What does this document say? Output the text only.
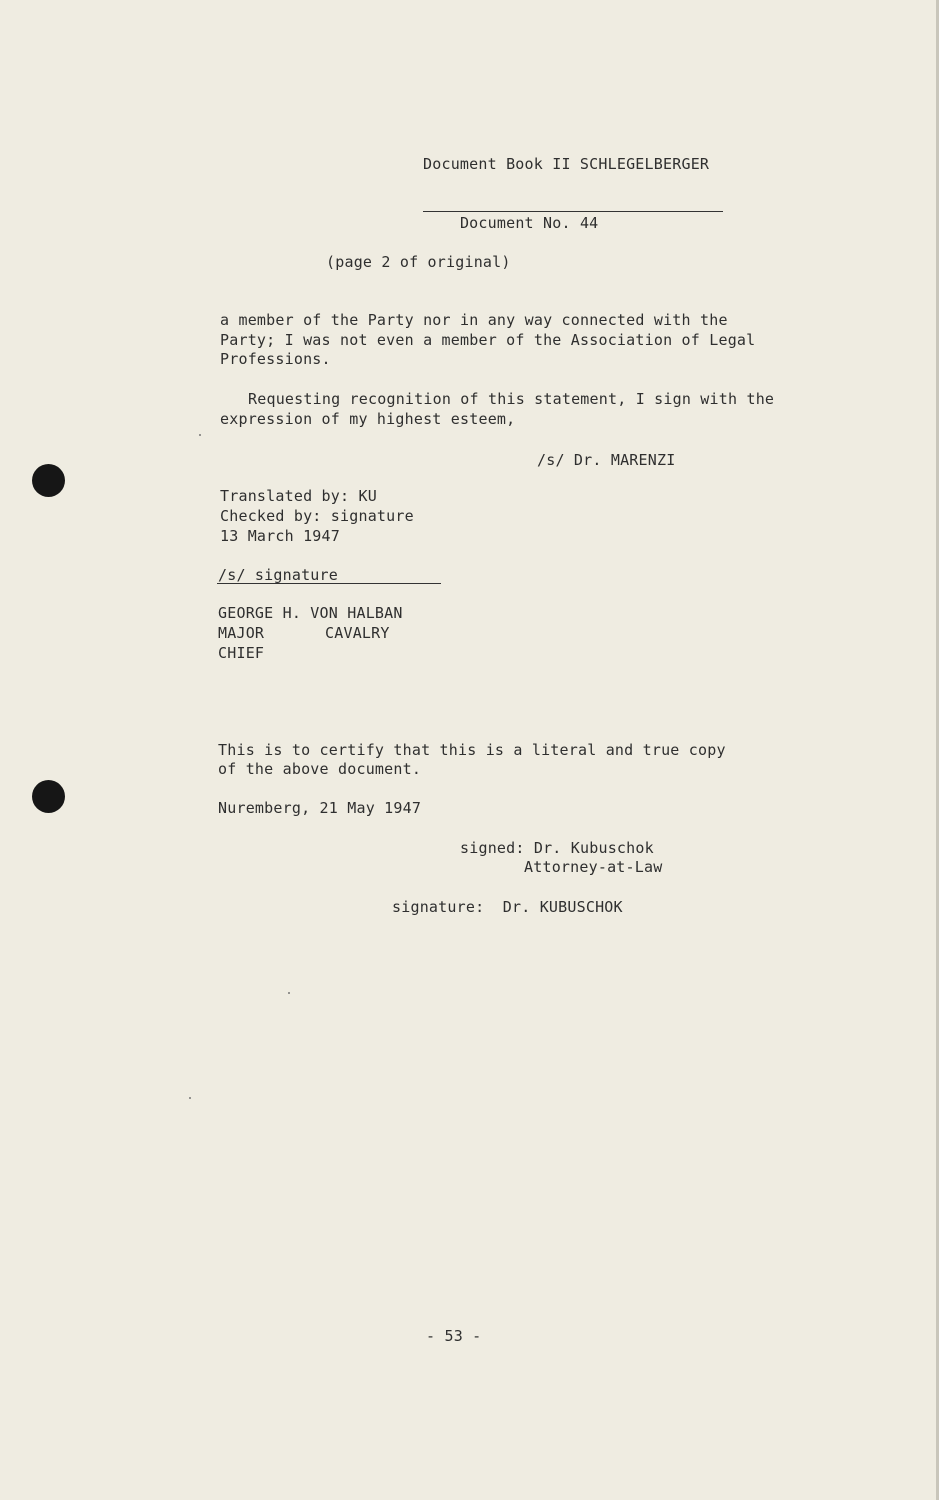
Document Book II SCHLEGELBERGER

Document No. 44

(page 2 of original)
a member of the Party nor in any way connected with the
Party; I was not even a member of the Association of Legal
Professions.
Requesting recognition of this statement, I sign with the
expression of my highest esteem,
/s/ Dr. MARENZI
Translated by: KU
Checked by: signature
13 March 1947
/s/ signature
GEORGE H. VON HALBAN
MAJOR	CAVALRY
CHIEF
This is to certify that this is a literal and true copy
of the above document.
Nuremberg, 21 May 1947
signed: Dr. Kubuschok
Attorney-at-Law
signature:  Dr. KUBUSCHOK
- 53 -
